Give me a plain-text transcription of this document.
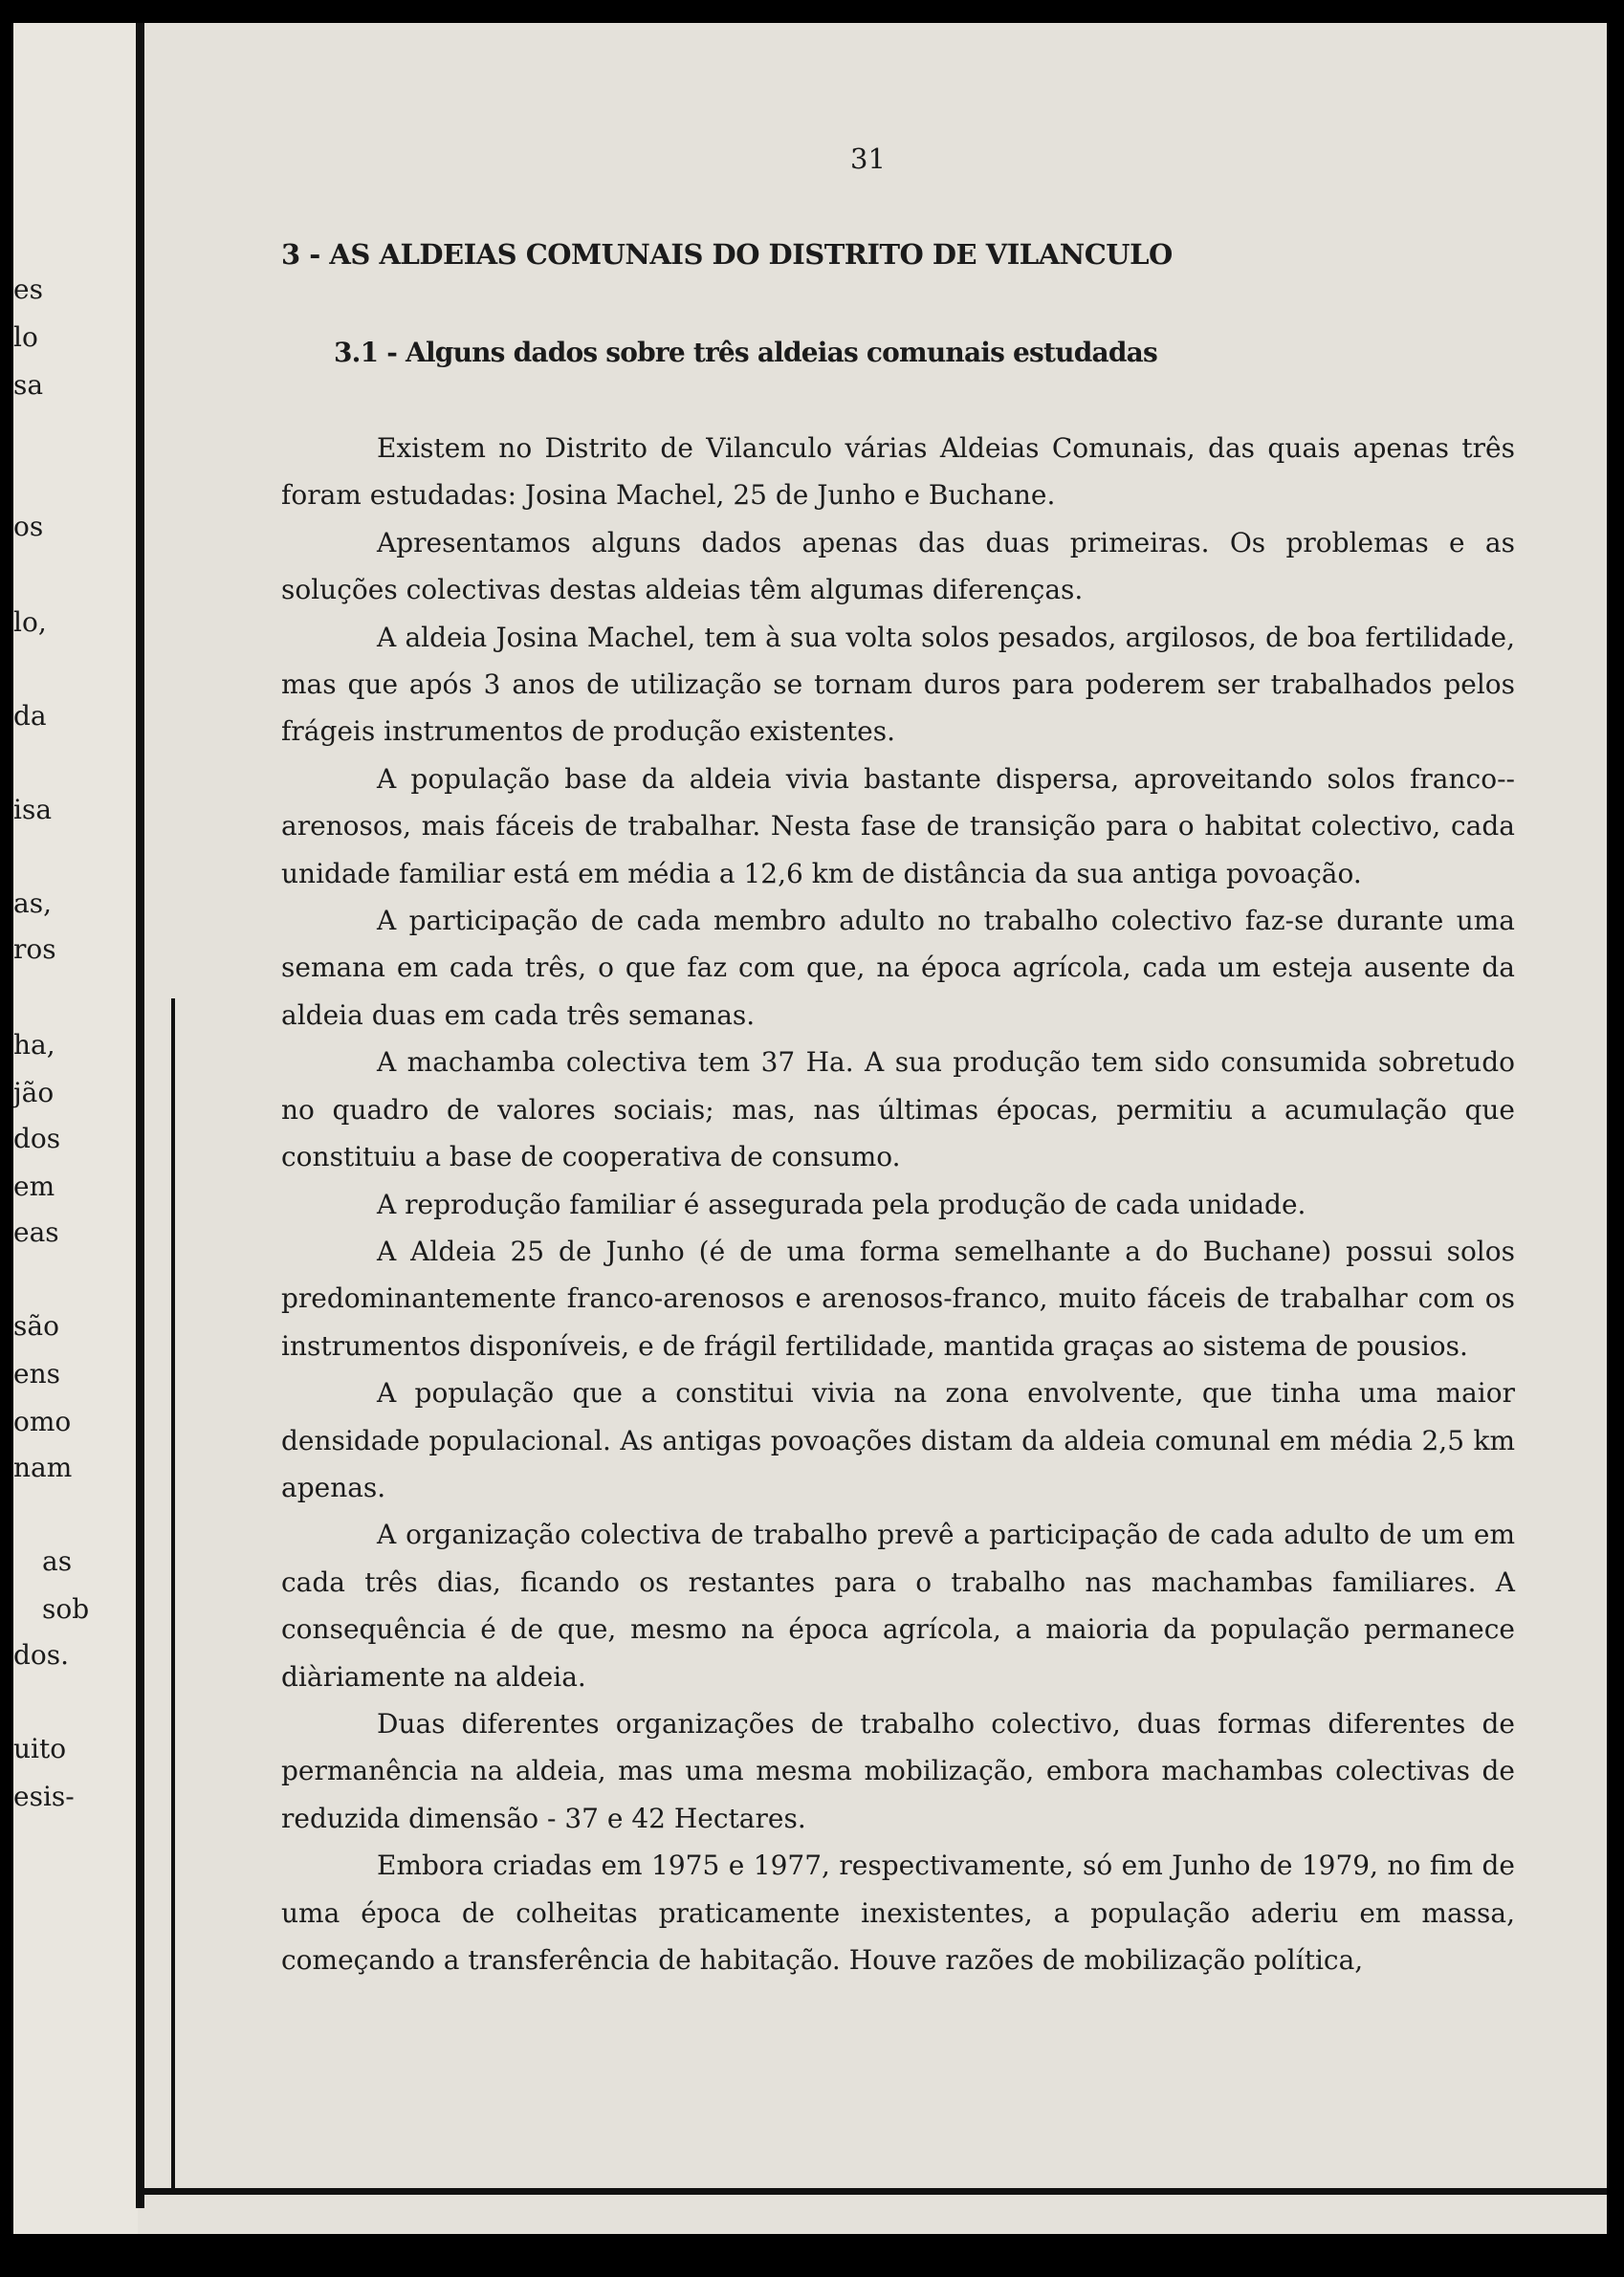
es
lo
sa
os
lo,
da
isa
as,
ros
ha,
jão
dos
em
eas
são
ens
omo
nam
as
sob
dos.
uito
esis-
31
3 - AS ALDEIAS COMUNAIS DO DISTRITO DE VILANCULO
3.1 - Alguns dados sobre três aldeias comunais estudadas

Existem no Distrito de Vilanculo várias Aldeias Comunais, das quais apenas três foram estudadas: Josina Machel, 25 de Junho e Buchane.

Apresentamos alguns dados apenas das duas primeiras. Os problemas e as soluções colectivas destas aldeias têm algumas diferenças.

A aldeia Josina Machel, tem à sua volta solos pesados, argilosos, de boa fertilidade, mas que após 3 anos de utilização se tornam duros para poderem ser trabalhados pelos frágeis instrumentos de produção existentes.

A população base da aldeia vivia bastante dispersa, aproveitando solos franco--arenosos, mais fáceis de trabalhar. Nesta fase de transição para o habitat colectivo, cada unidade familiar está em média a 12,6 km de distância da sua antiga povoação.

A participação de cada membro adulto no trabalho colectivo faz-se durante uma semana em cada três, o que faz com que, na época agrícola, cada um esteja ausente da aldeia duas em cada três semanas.

A machamba colectiva tem 37 Ha. A sua produção tem sido consumida sobretudo no quadro de valores sociais; mas, nas últimas épocas, permitiu a acumulação que constituiu a base de cooperativa de consumo.

A reprodução familiar é assegurada pela produção de cada unidade.

A Aldeia 25 de Junho (é de uma forma semelhante a do Buchane) possui solos predominantemente franco-arenosos e arenosos-franco, muito fáceis de trabalhar com os instrumentos disponíveis, e de frágil fertilidade, mantida graças ao sistema de pousios.

A população que a constitui vivia na zona envolvente, que tinha uma maior densidade populacional. As antigas povoações distam da aldeia comunal em média 2,5 km apenas.

A organização colectiva de trabalho prevê a participação de cada adulto de um em cada três dias, ficando os restantes para o trabalho nas machambas familiares. A consequência é de que, mesmo na época agrícola, a maioria da população permanece diàriamente na aldeia.

Duas diferentes organizações de trabalho colectivo, duas formas diferentes de permanência na aldeia, mas uma mesma mobilização, embora machambas colectivas de reduzida dimensão - 37 e 42 Hectares.

Embora criadas em 1975 e 1977, respectivamente, só em Junho de 1979, no fim de uma época de colheitas praticamente inexistentes, a população aderiu em massa, começando a transferência de habitação. Houve razões de mobilização política,
